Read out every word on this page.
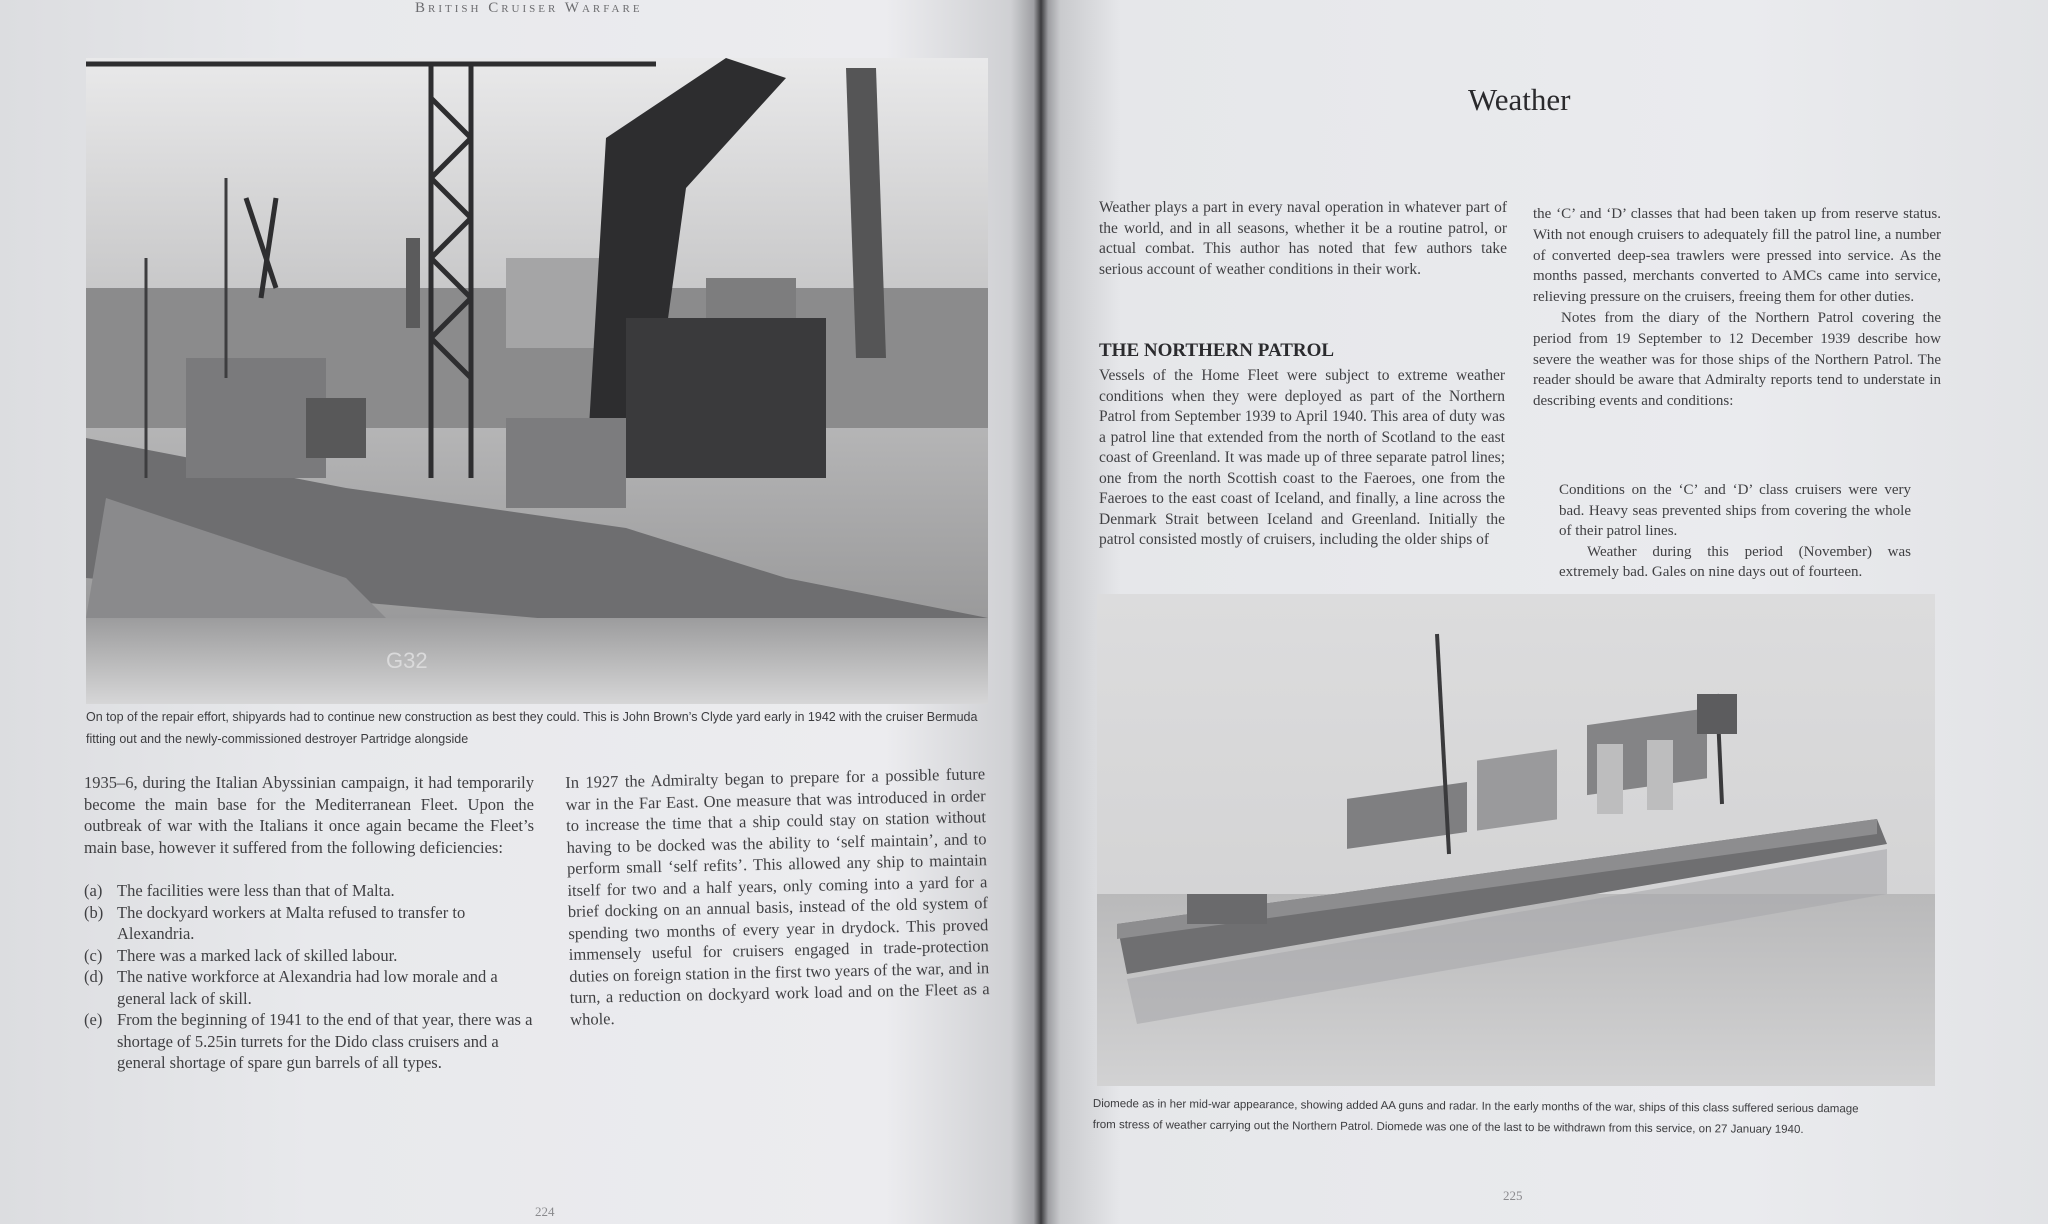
British Cruiser Warfare
G32
On top of the repair effort, shipyards had to continue new construction as best they could. This is John Brown’s Clyde yard early in 1942 with the cruiser Bermuda fitting out and the newly-commissioned destroyer Partridge alongside

1935–6, during the Italian Abyssinian campaign, it had temporarily become the main base for the Mediterranean Fleet. Upon the outbreak of war with the Italians it once again became the Fleet’s main base, however it suffered from the following deficiencies:

(a) The facilities were less than that of Malta.
(b) The dockyard workers at Malta refused to transfer to Alexandria.
(c) There was a marked lack of skilled labour.
(d) The native workforce at Alexandria had low morale and a general lack of skill.
(e) From the beginning of 1941 to the end of that year, there was a shortage of 5.25in turrets for the Dido class cruisers and a general shortage of spare gun barrels of all types.

In 1927 the Admiralty began to prepare for a possible future war in the Far East. One measure that was introduced in order to increase the time that a ship could stay on station without having to be docked was the ability to ‘self maintain’, and to perform small ‘self refits’. This allowed any ship to maintain itself for two and a half years, only coming into a yard for a brief docking on an annual basis, instead of the old system of spending two months of every year in drydock. This proved immensely useful for cruisers engaged in trade-protection duties on foreign station in the first two years of the war, and in turn, a reduction on dockyard work load and on the Fleet as a whole.

224
Weather

Weather plays a part in every naval operation in whatever part of the world, and in all seasons, whether it be a routine patrol, or actual combat. This author has noted that few authors take serious account of weather conditions in their work.

THE NORTHERN PATROL

Vessels of the Home Fleet were subject to extreme weather conditions when they were deployed as part of the Northern Patrol from September 1939 to April 1940. This area of duty was a patrol line that extended from the north of Scotland to the east coast of Greenland. It was made up of three separate patrol lines; one from the north Scottish coast to the Faeroes, one from the Faeroes to the east coast of Iceland, and finally, a line across the Denmark Strait between Iceland and Greenland. Initially the patrol consisted mostly of cruisers, including the older ships of

the ‘C’ and ‘D’ classes that had been taken up from reserve status. With not enough cruisers to adequately fill the patrol line, a number of converted deep-sea trawlers were pressed into service. As the months passed, merchants converted to AMCs came into service, relieving pressure on the cruisers, freeing them for other duties.

Notes from the diary of the Northern Patrol covering the period from 19 September to 12 December 1939 describe how severe the weather was for those ships of the Northern Patrol. The reader should be aware that Admiralty reports tend to understate in describing events and conditions:

Conditions on the ‘C’ and ‘D’ class cruisers were very bad. Heavy seas prevented ships from covering the whole of their patrol lines.

Weather during this period (November) was extremely bad. Gales on nine days out of fourteen.

Diomede as in her mid-war appearance, showing added AA guns and radar. In the early months of the war, ships of this class suffered serious damage
from stress of weather carrying out the Northern Patrol. Diomede was one of the last to be withdrawn from this service, on 27 January 1940.
225
